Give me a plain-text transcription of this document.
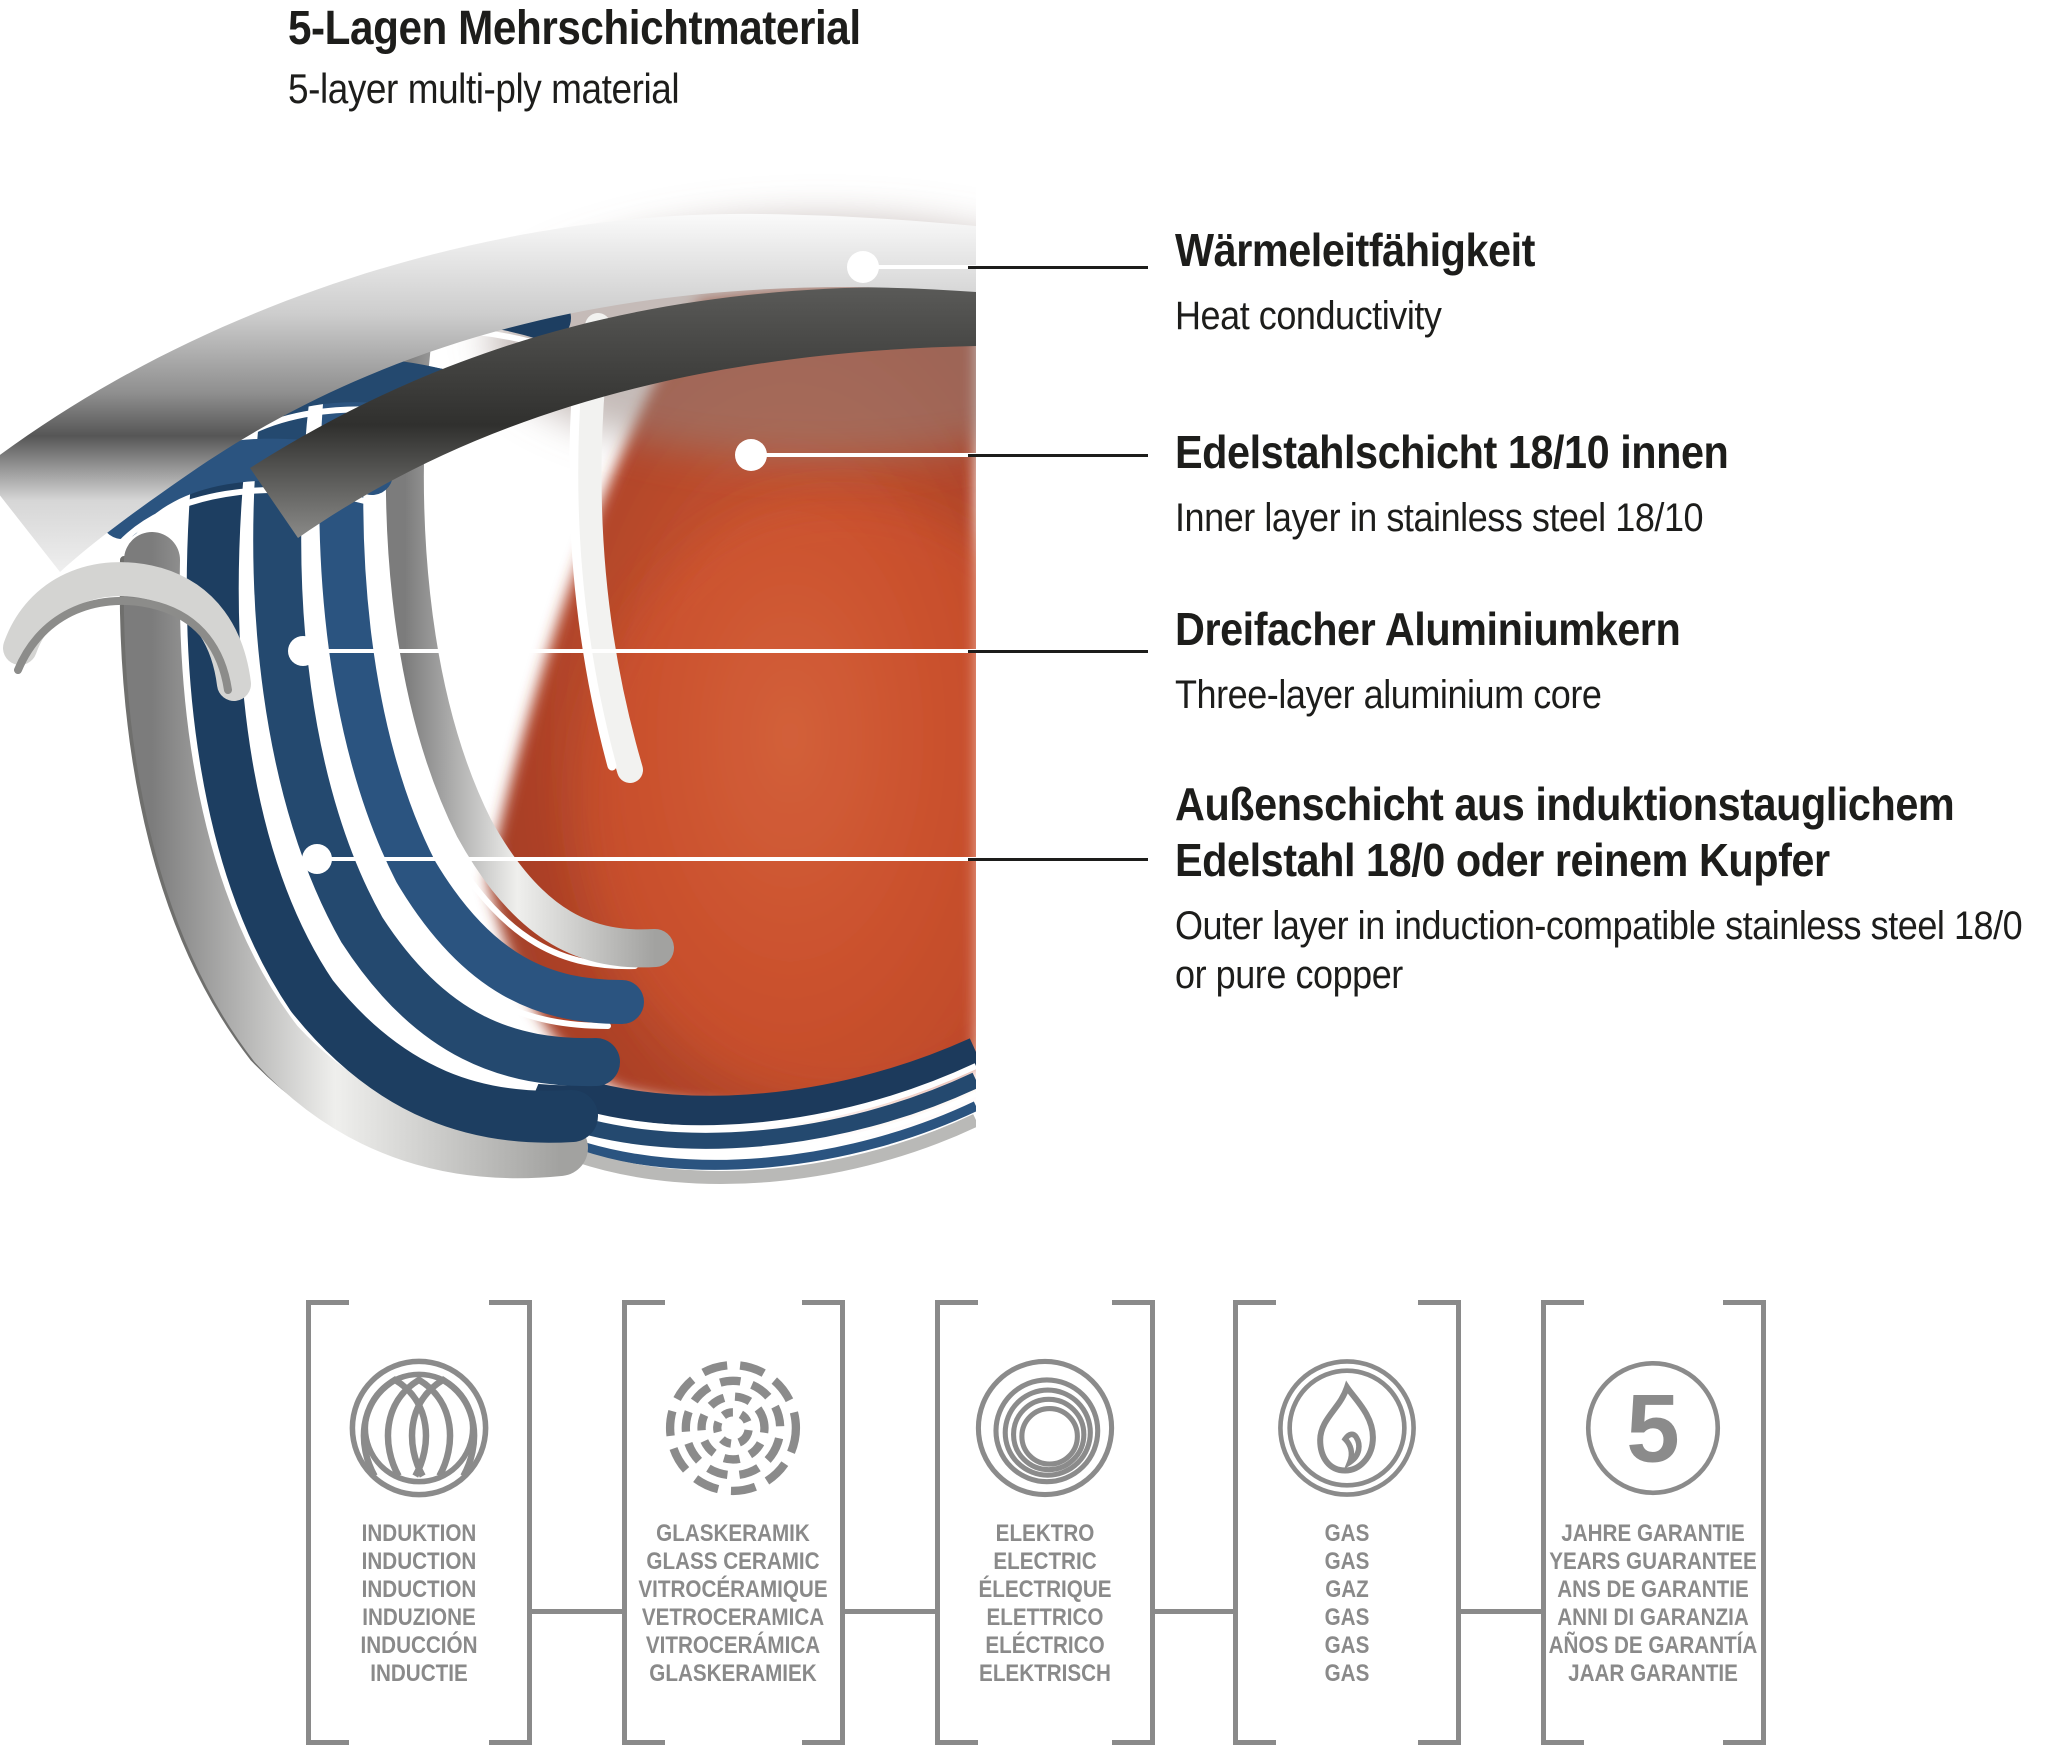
5-Lagen Mehrschichtmaterial

5-layer multi-ply material

Wärmeleitfähigkeit

Heat conductivity

Edelstahlschicht 18/10 innen

Inner layer in stainless steel 18/10

Dreifacher Aluminiumkern

Three-layer aluminium core

Außenschicht aus induktionstauglichem
Edelstahl 18/0 oder reinem Kupfer

Outer layer in induction-compatible stainless steel 18/0
or pure copper

INDUKTION
INDUCTION
INDUCTION
INDUZIONE
INDUCCIÓN
INDUCTIE
GLASKERAMIK
GLASS CERAMIC
VITROCÉRAMIQUE
VETROCERAMICA
VITROCERÁMICA
GLASKERAMIEK
ELEKTRO
ELECTRIC
ÉLECTRIQUE
ELETTRICO
ELÉCTRICO
ELEKTRISCH
GAS
GAS
GAZ
GAS
GAS
GAS
5
JAHRE GARANTIE
YEARS GUARANTEE
ANS DE GARANTIE
ANNI DI GARANZIA
AÑOS DE GARANTÍA
JAAR GARANTIE
